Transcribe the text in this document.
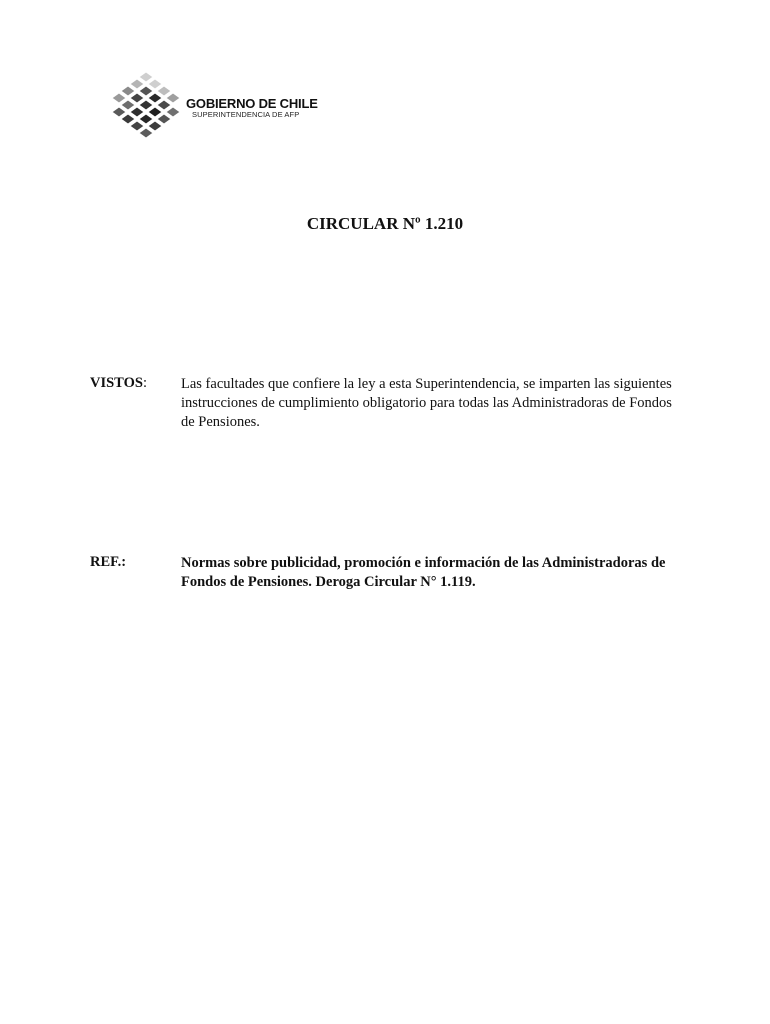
GOBIERNO DE CHILE
SUPERINTENDENCIA DE AFP
CIRCULAR Nº 1.210
VISTOS: Las facultades que confiere la ley a esta Superintendencia, se imparten las siguientes
instrucciones de cumplimiento obligatorio para todas las Administradoras de Fondos
de Pensiones.
REF.:	Normas sobre publicidad, promoción e información de las Administradoras de
Fondos de Pensiones. Deroga Circular N° 1.119.
